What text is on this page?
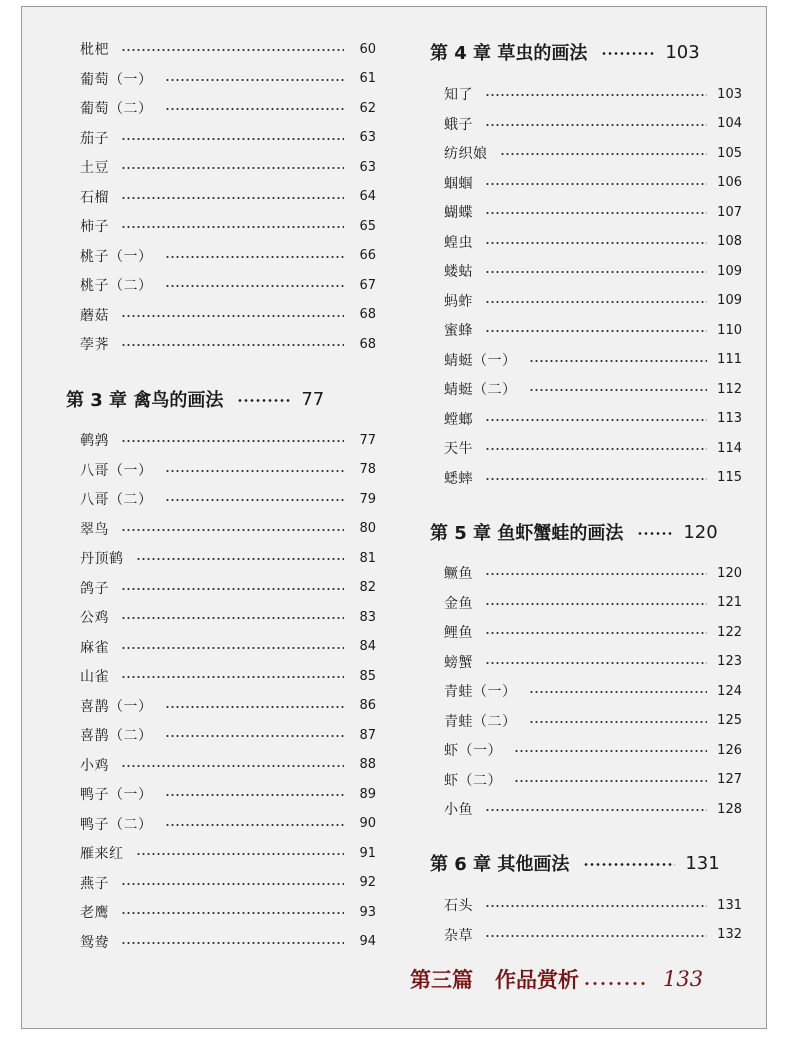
枇杷	60
葡萄（一）	61
葡萄（二）	62
茄子	63
土豆	63
石榴	64
柿子	65
桃子（一）	66
桃子（二）	67
蘑菇	68
荸荠	68
第 3 章 禽鸟的画法	77
鹌鹑	77
八哥（一）	78
八哥（二）	79
翠鸟	80
丹顶鹤	81
鸽子	82
公鸡	83
麻雀	84
山雀	85
喜鹊（一）	86
喜鹊（二）	87
小鸡	88
鸭子（一）	89
鸭子（二）	90
雁来红	91
燕子	92
老鹰	93
鸳鸯	94
第 4 章 草虫的画法	103
知了	103
蛾子	104
纺织娘	105
蝈蝈	106
蝴蝶	107
蝗虫	108
蝼蛄	109
蚂蚱	109
蜜蜂	110
蜻蜓（一）	111
蜻蜓（二）	112
螳螂	113
天牛	114
蟋蟀	115
第 5 章 鱼虾蟹蛙的画法	120
鳜鱼	120
金鱼	121
鲤鱼	122
螃蟹	123
青蛙（一）	124
青蛙（二）	125
虾（一）	126
虾（二）	127
小鱼	128
第 6 章 其他画法	131
石头	131
杂草	132
第三篇 作品赏析	133
